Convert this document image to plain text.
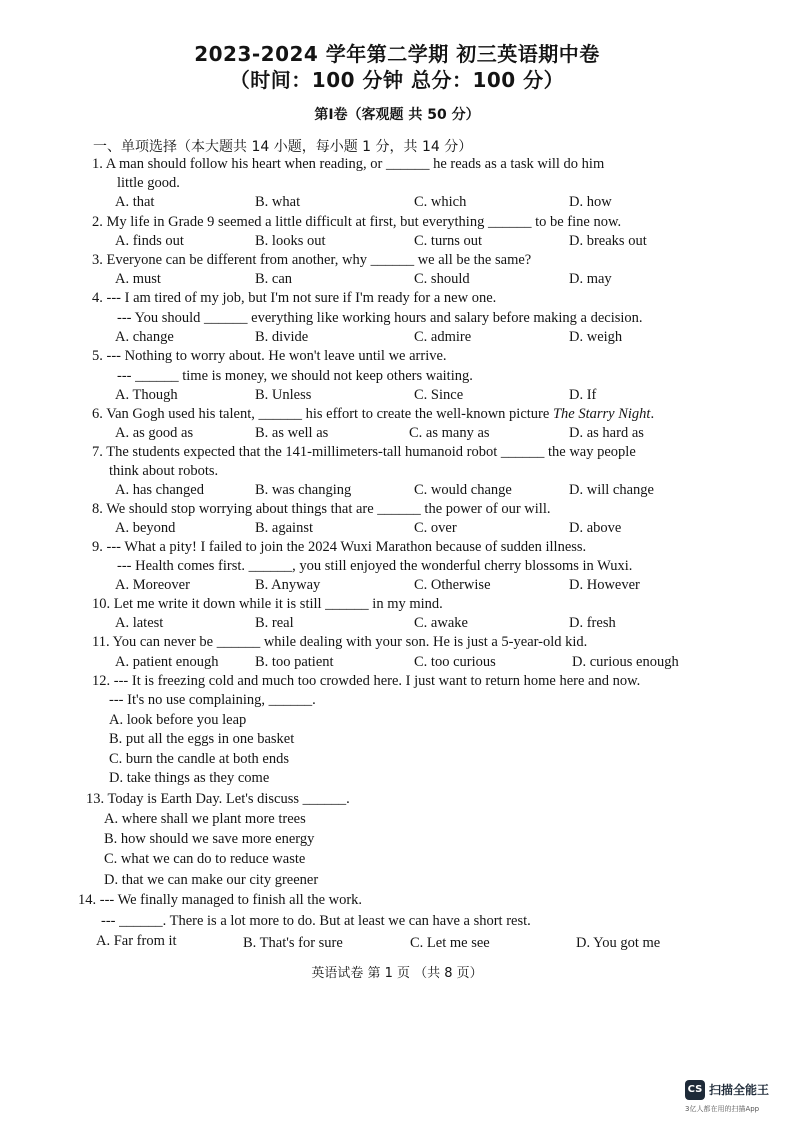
2023-2024 学年第二学期 初三英语期中卷
（时间：100 分钟 总分：100 分）
第Ⅰ卷（客观题 共 50 分）
一、单项选择（本大题共 14 小题，每小题 1 分，共 14 分）
1. A man should follow his heart when reading, or ______ he reads as a task will do him
little good.
A. that	B. what	C. which	D. how
2. My life in Grade 9 seemed a little difficult at first, but everything ______ to be fine now.
A. finds out	B. looks out	C. turns out	D. breaks out
3. Everyone can be different from another, why ______ we all be the same?
A. must	B. can	C. should	D. may
4. --- I am tired of my job, but I'm not sure if I'm ready for a new one.
--- You should ______ everything like working hours and salary before making a decision.
A. change	B. divide	C. admire	D. weigh
5. --- Nothing to worry about. He won't leave until we arrive.
--- ______ time is money, we should not keep others waiting.
A. Though	B. Unless	C. Since	D. If
6. Van Gogh used his talent, ______ his effort to create the well-known picture The Starry Night.
A. as good as	B. as well as	C. as many as	D. as hard as
7. The students expected that the 141-millimeters-tall humanoid robot ______ the way people
think about robots.
A. has changed	B. was changing	C. would change	D. will change
8. We should stop worrying about things that are ______ the power of our will.
A. beyond	B. against	C. over	D. above
9. --- What a pity! I failed to join the 2024 Wuxi Marathon because of sudden illness.
--- Health comes first. ______, you still enjoyed the wonderful cherry blossoms in Wuxi.
A. Moreover	B. Anyway	C. Otherwise	D. However
10. Let me write it down while it is still ______ in my mind.
A. latest	B. real	C. awake	D. fresh
11. You can never be ______ while dealing with your son. He is just a 5-year-old kid.
A. patient enough	B. too patient	C. too curious	D. curious enough
12. --- It is freezing cold and much too crowded here. I just want to return home here and now.
--- It's no use complaining, ______.
A. look before you leap
B. put all the eggs in one basket
C. burn the candle at both ends
D. take things as they come
13. Today is Earth Day. Let's discuss ______.
A. where shall we plant more trees
B. how should we save more energy
C. what we can do to reduce waste
D. that we can make our city greener
14. --- We finally managed to finish all the work.
--- ______. There is a lot more to do. But at least we can have a short rest.
A. Far from it	B. That's for sure	C. Let me see	D. You got me
英语试卷 第 1 页 （共 8 页）
CS 扫描全能王
3亿人都在用的扫描App
